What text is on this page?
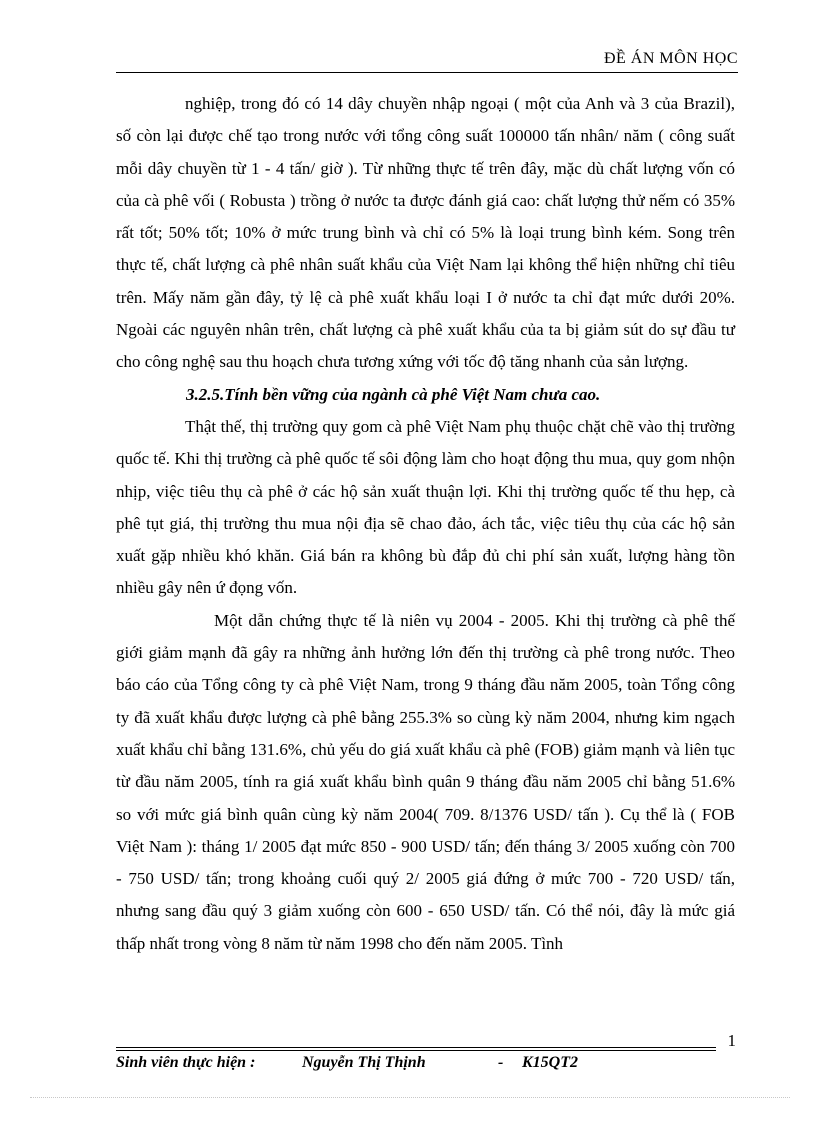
ĐỀ ÁN MÔN HỌC

nghiệp, trong đó có 14 dây chuyền nhập ngoại ( một của Anh và 3 của Brazil), số còn lại được chế tạo trong nước với tổng công suất 100000 tấn nhân/ năm ( công suất mỗi dây chuyền từ 1 - 4 tấn/ giờ ). Từ những thực tế trên đây, mặc dù chất lượng vốn có của cà phê vối ( Robusta ) trồng ở nước ta được đánh giá cao: chất lượng thử nếm có 35% rất tốt; 50% tốt; 10% ở mức trung bình và chỉ có 5% là loại trung bình kém. Song trên thực tế, chất lượng cà phê nhân suất khẩu của Việt Nam lại không thể hiện những chỉ tiêu trên. Mấy năm gần đây, tỷ lệ cà phê xuất khẩu loại I ở nước ta chỉ đạt mức dưới 20%. Ngoài các nguyên nhân trên, chất lượng cà phê xuất khẩu của ta bị giảm sút do sự đầu tư cho công nghệ sau thu hoạch chưa tương xứng với tốc độ tăng nhanh của sản lượng.

3.2.5.Tính bền vững của ngành cà phê Việt Nam chưa cao.

Thật thế, thị trường quy gom cà phê Việt Nam phụ thuộc chặt chẽ vào thị trường quốc tế. Khi thị trường cà phê quốc tế sôi động làm cho hoạt động thu mua, quy gom nhộn nhịp, việc tiêu thụ cà phê ở các hộ sản xuất thuận lợi. Khi thị trường quốc tế thu hẹp, cà phê tụt giá, thị trường thu mua nội địa sẽ chao đảo, ách tắc, việc tiêu thụ của các hộ sản xuất gặp nhiều khó khăn. Giá bán ra không bù đắp đủ chi phí sản xuất, lượng hàng tồn nhiều gây nên ứ đọng vốn.

Một dẫn chứng thực tế là niên vụ 2004 - 2005. Khi thị trường cà phê thế giới giảm mạnh đã gây ra những ảnh hưởng lớn đến thị trường cà phê trong nước. Theo báo cáo của Tổng công ty cà phê Việt Nam, trong 9 tháng đầu năm 2005, toàn Tổng công ty đã xuất khẩu được lượng cà phê bằng 255.3% so cùng kỳ năm 2004, nhưng kim ngạch xuất khẩu chỉ bằng 131.6%, chủ yếu do giá xuất khẩu cà phê (FOB) giảm mạnh và liên tục từ đầu năm 2005, tính ra giá xuất khẩu bình quân 9 tháng đầu năm 2005 chỉ bằng 51.6% so với mức giá bình quân cùng kỳ năm 2004( 709. 8/1376 USD/ tấn ). Cụ thể là ( FOB Việt Nam ): tháng 1/ 2005 đạt mức 850 - 900 USD/ tấn; đến tháng 3/ 2005 xuống còn 700 - 750 USD/ tấn; trong khoảng cuối quý 2/ 2005 giá đứng ở mức 700 - 720 USD/ tấn, nhưng sang đầu quý 3 giảm xuống còn 600 - 650 USD/ tấn. Có thể nói, đây là mức giá thấp nhất trong vòng 8 năm từ năm 1998 cho đến năm 2005. Tình

1
Sinh viên thực hiện :	Nguyễn Thị Thịnh	- K15QT2
